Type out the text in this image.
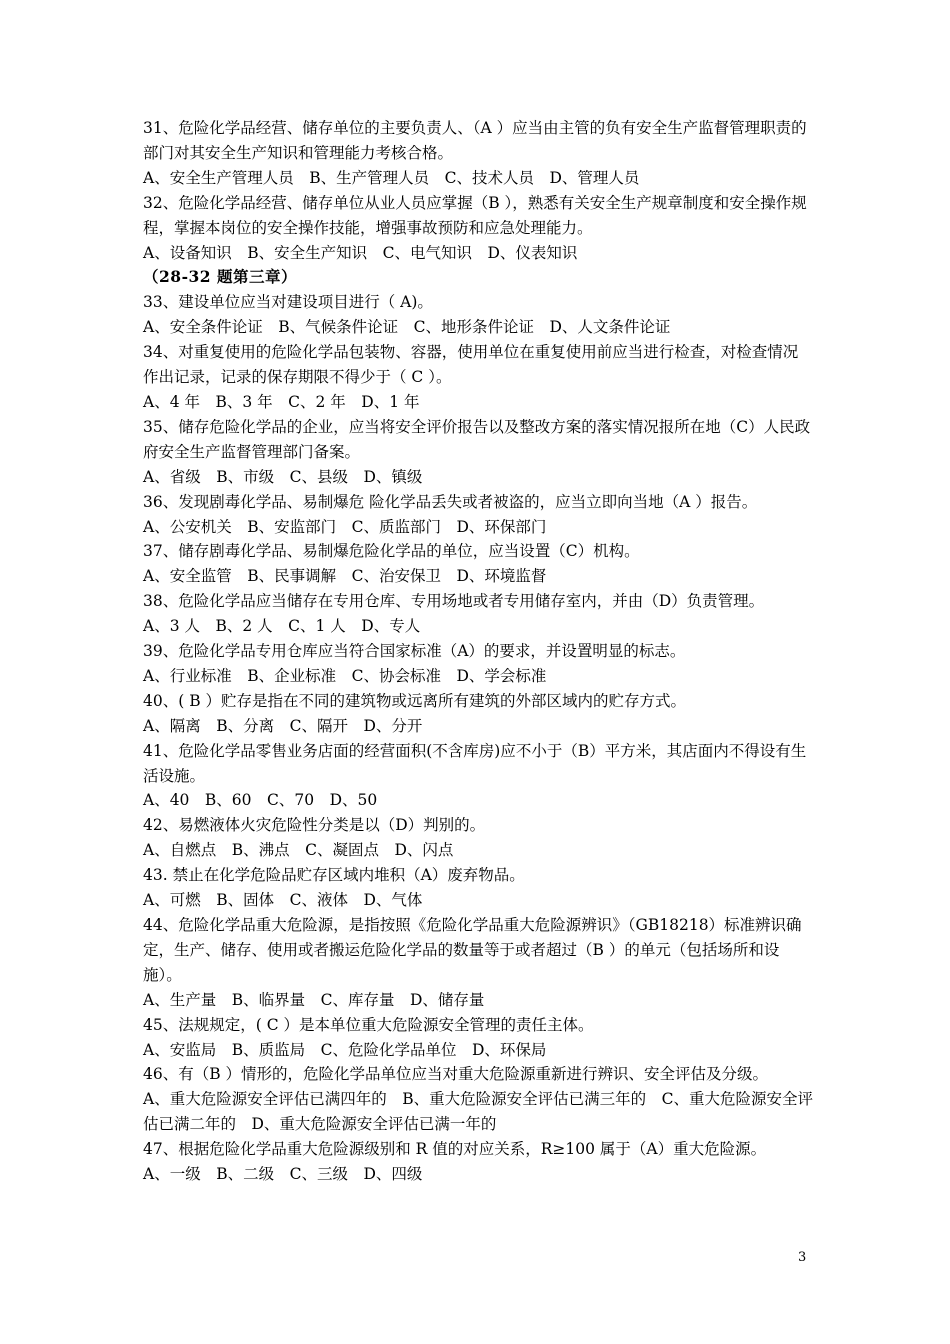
31、危险化学品经营、储存单位的主要负责人、（A ）应当由主管的负有安全生产监督管理职责的部门对其安全生产知识和管理能力考核合格。

A、安全生产管理人员　B、生产管理人员　C、技术人员　D、管理人员

32、危险化学品经营、储存单位从业人员应掌握（B ），熟悉有关安全生产规章制度和安全操作规程，掌握本岗位的安全操作技能，增强事故预防和应急处理能力。

A、设备知识　B、安全生产知识　C、电气知识　D、仪表知识

（28-32 题第三章）

33、建设单位应当对建设项目进行（ A)。

A、安全条件论证　B、气候条件论证　C、地形条件论证　D、人文条件论证

34、对重复使用的危险化学品包装物、容器，使用单位在重复使用前应当进行检查，对检查情况作出记录，记录的保存期限不得少于（ C ）。

A、4 年　B、3 年　C、2 年　D、1 年

35、储存危险化学品的企业，应当将安全评价报告以及整改方案的落实情况报所在地（C）人民政府安全生产监督管理部门备案。

A、省级　B、市级　C、县级　D、镇级

36、发现剧毒化学品、易制爆危 险化学品丢失或者被盗的，应当立即向当地（A ）报告。

A、公安机关　B、安监部门　C、质监部门　D、环保部门

37、储存剧毒化学品、易制爆危险化学品的单位，应当设置（C）机构。

A、安全监管　B、民事调解　C、治安保卫　D、环境监督

38、危险化学品应当储存在专用仓库、专用场地或者专用储存室内，并由（D）负责管理。

A、3 人　B、2 人　C、1 人　D、专人

39、危险化学品专用仓库应当符合国家标准（A）的要求，并设置明显的标志。

A、行业标准　B、企业标准　C、协会标准　D、学会标准

40、( B ）贮存是指在不同的建筑物或远离所有建筑的外部区域内的贮存方式。

A、隔离　B、分离　C、隔开　D、分开

41、危险化学品零售业务店面的经营面积(不含库房)应不小于（B）平方米，其店面内不得设有生活设施。

A、40　B、60　C、70　D、50

42、易燃液体火灾危险性分类是以（D）判别的。

A、自燃点　B、沸点　C、凝固点　D、闪点

43. 禁止在化学危险品贮存区域内堆积（A）废弃物品。

A、可燃　B、固体　C、液体　D、气体

44、危险化学品重大危险源，是指按照《危险化学品重大危险源辨识》（GB18218）标准辨识确定，生产、储存、使用或者搬运危险化学品的数量等于或者超过（B ）的单元（包括场所和设施）。

A、生产量　B、临界量　C、库存量　D、储存量

45、法规规定，( C ）是本单位重大危险源安全管理的责任主体。

A、安监局　B、质监局　C、危险化学品单位　D、环保局

46、有（B ）情形的，危险化学品单位应当对重大危险源重新进行辨识、安全评估及分级。

A、重大危险源安全评估已满四年的　B、重大危险源安全评估已满三年的　C、重大危险源安全评估已满二年的　D、重大危险源安全评估已满一年的

47、根据危险化学品重大危险源级别和 R 值的对应关系，R≥100 属于（A）重大危险源。

A、一级　B、二级　C、三级　D、四级

3
